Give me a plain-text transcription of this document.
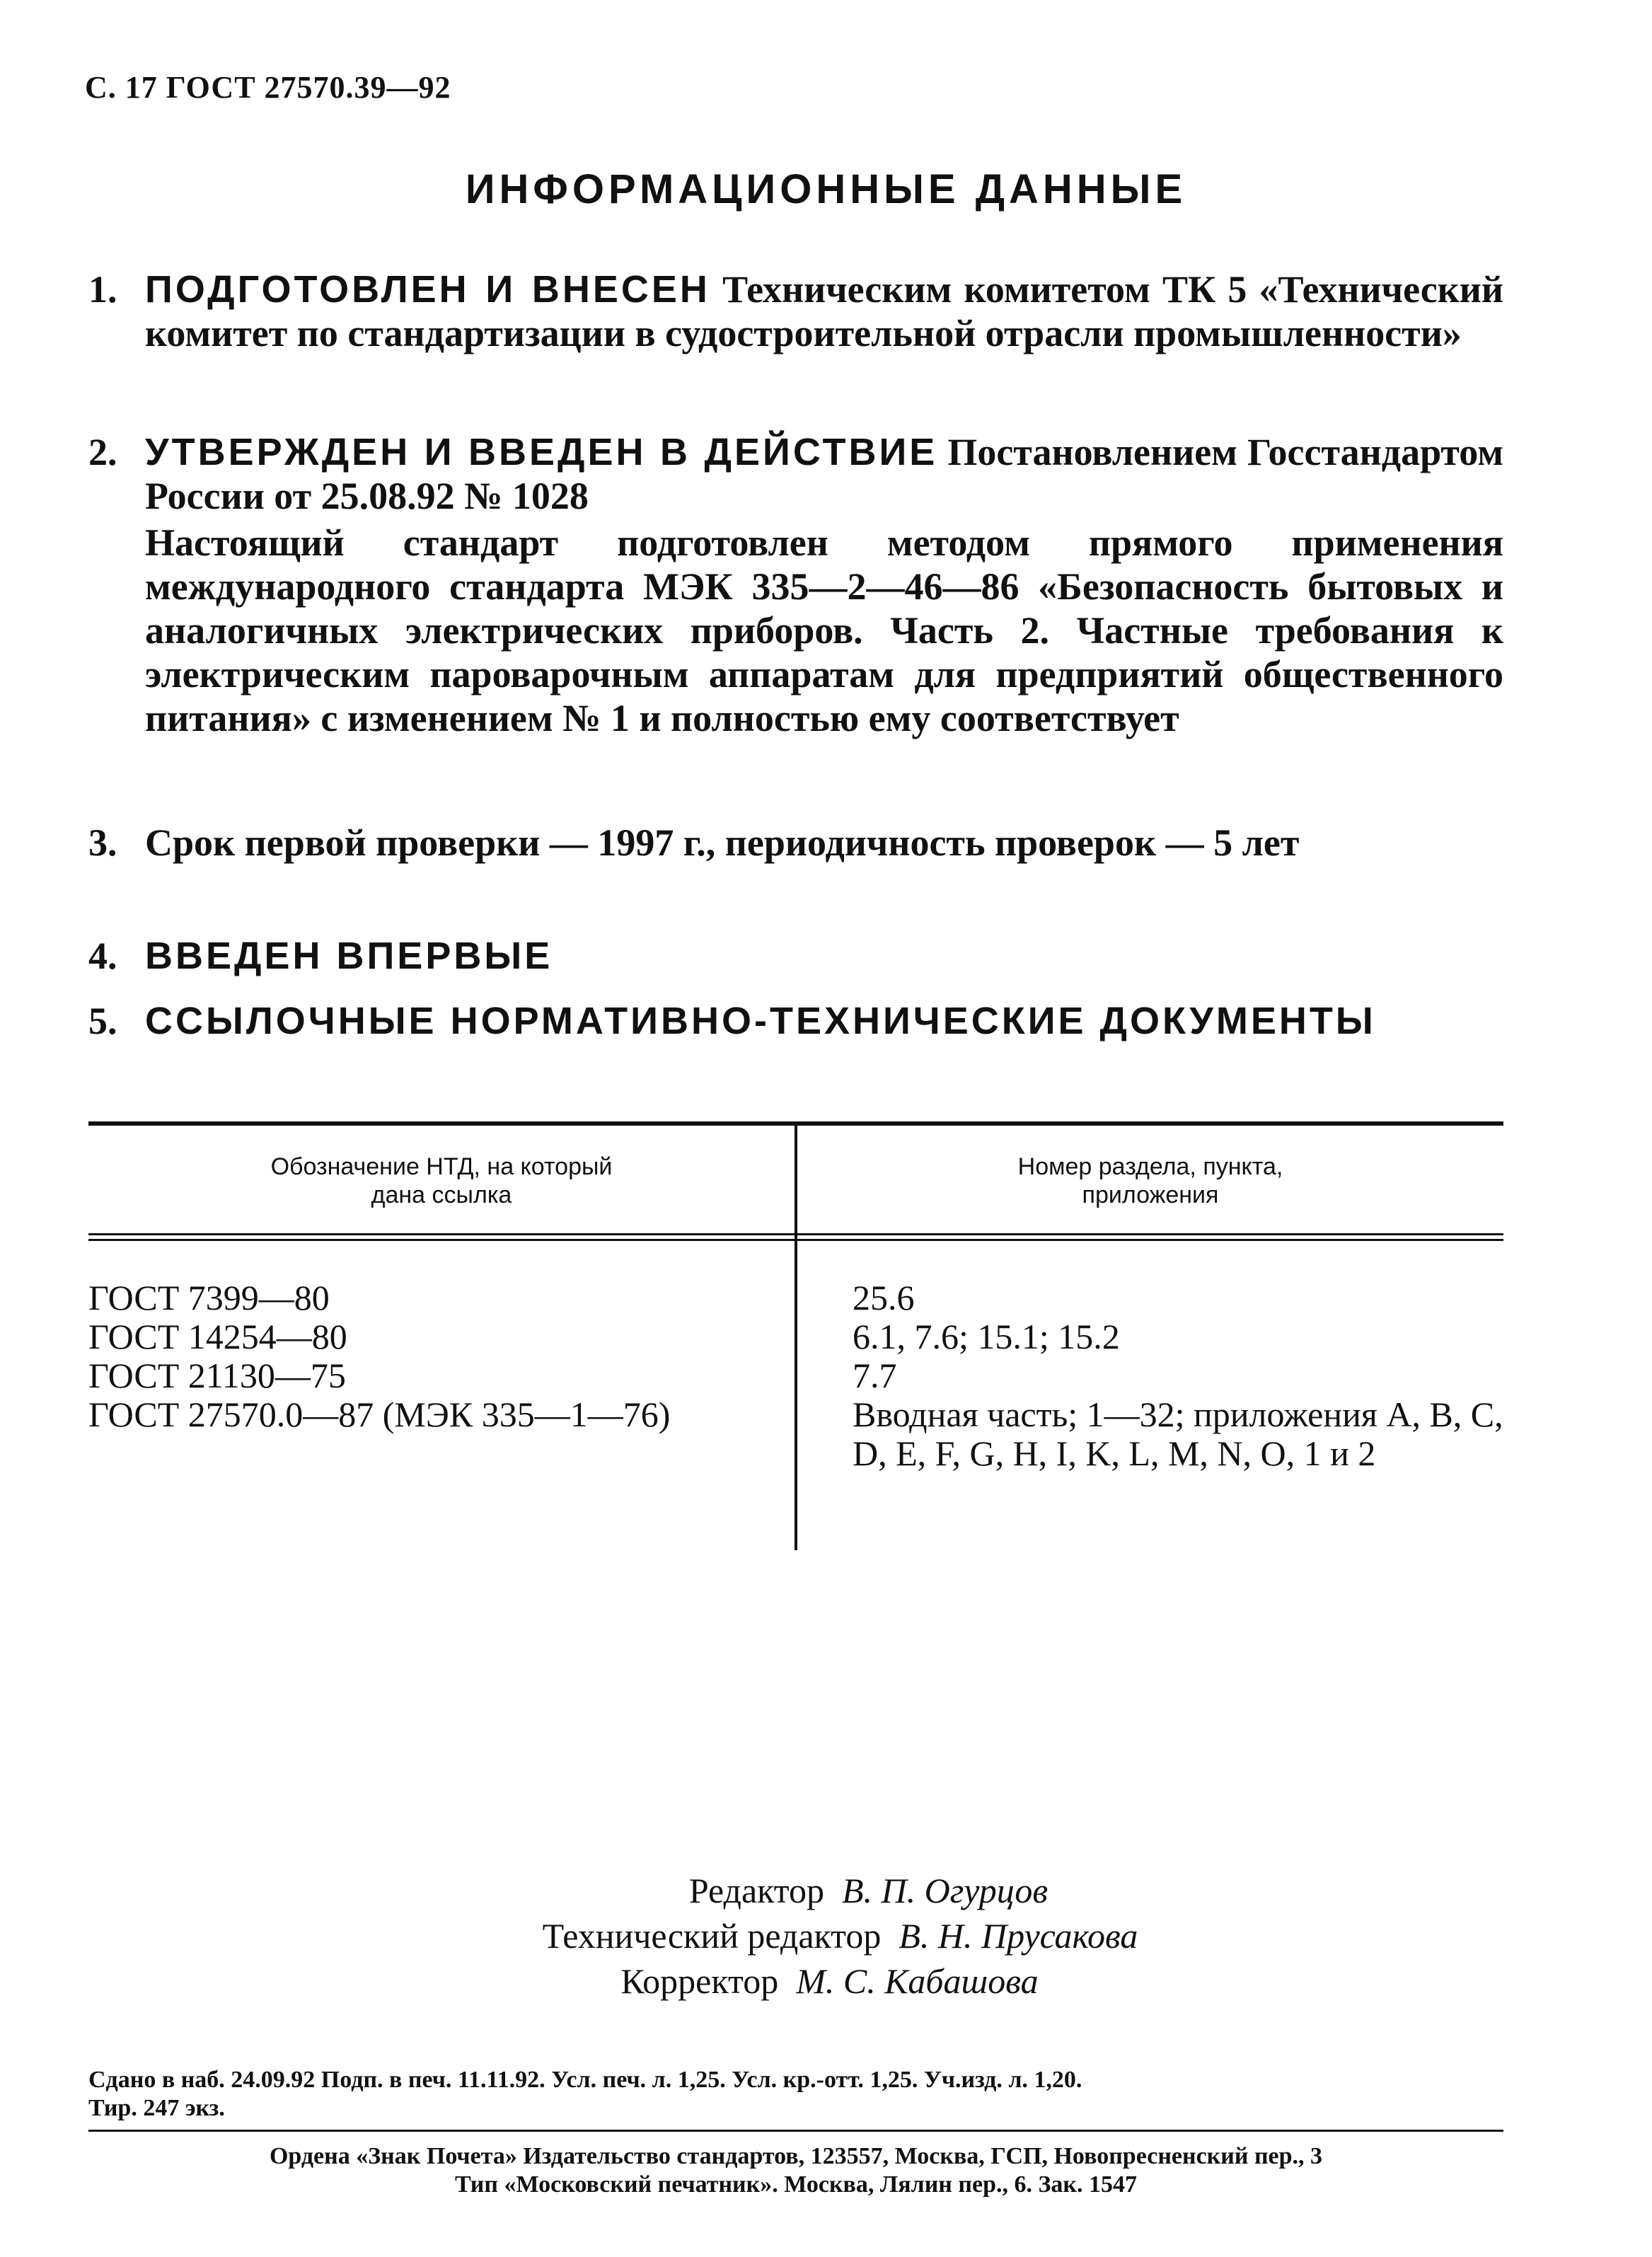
С. 17 ГОСТ 27570.39—92
ИНФОРМАЦИОННЫЕ ДАННЫЕ
1. ПОДГОТОВЛЕН И ВНЕСЕН Техническим комитетом ТК 5 «Технический комитет по стандартизации в судостроительной отрасли промышленности»

2. УТВЕРЖДЕН И ВВЕДЕН В ДЕЙСТВИЕ Постановлением Госстандартом России от 25.08.92 № 1028

Настоящий стандарт подготовлен методом прямого применения международного стандарта МЭК 335—2—46—86 «Безопасность бытовых и аналогичных электрических приборов. Часть 2. Частные требования к электрическим пароварочным аппаратам для предприятий общественного питания» с изменением № 1 и полностью ему соответствует

3. Срок первой проверки — 1997 г., периодичность проверок — 5 лет

4. ВВЕДЕН ВПЕРВЫЕ

5. ССЫЛОЧНЫЕ НОРМАТИВНО-ТЕХНИЧЕСКИЕ ДОКУМЕНТЫ

Обозначение НТД, на который
дана ссылка
Номер раздела, пункта,
приложения
ГОСТ 7399—80
ГОСТ 14254—80
ГОСТ 21130—75
ГОСТ 27570.0—87 (МЭК 335—1—76)
25.6
6.1, 7.6; 15.1; 15.2
7.7
Вводная часть; 1—32; приложения А, B, C, D, E, F, G, H, I, K, L, M, N, O, 1 и 2
Редактор В. П. Огурцов
Технический редактор В. Н. Прусакова
Корректор М. С. Кабашова
Сдано в наб. 24.09.92 Подп. в печ. 11.11.92. Усл. печ. л. 1,25. Усл. кр.-отт. 1,25. Уч.изд. л. 1,20.
Тир. 247 экз.
Ордена «Знак Почета» Издательство стандартов, 123557, Москва, ГСП, Новопресненский пер., 3
Тип «Московский печатник». Москва, Лялин пер., 6. Зак. 1547
